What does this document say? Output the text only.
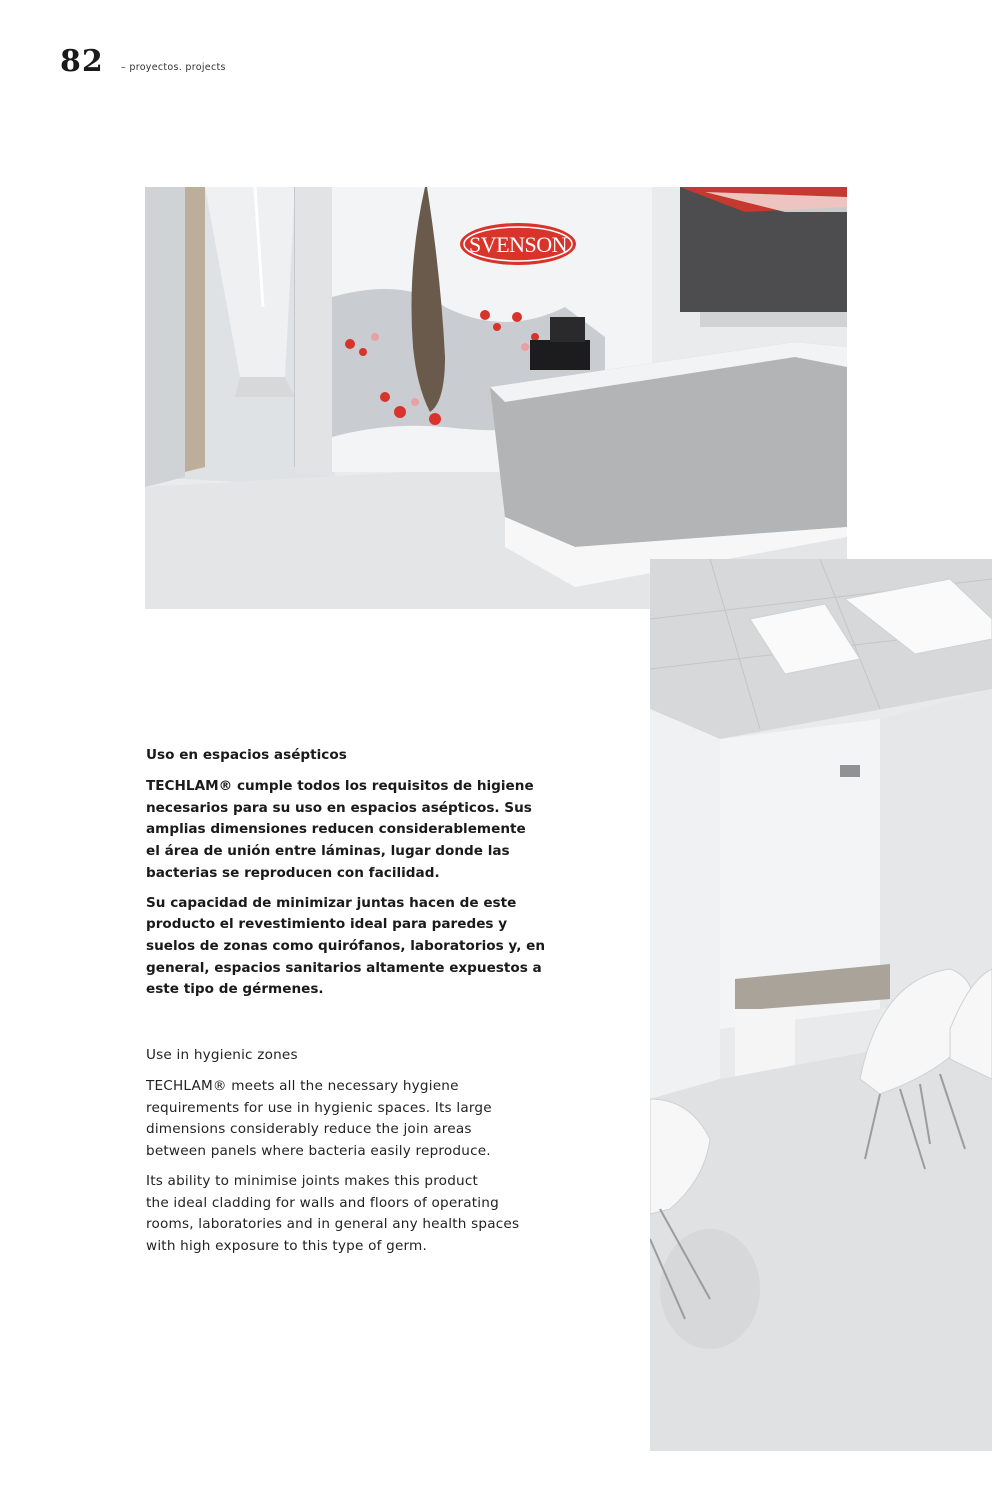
82 – proyectos. projects
SVENSON
Uso en espacios asépticos
TECHLAM® cumple todos los requisitos de higiene
necesarios para su uso en espacios asépticos. Sus
amplias dimensiones reducen considerablemente
el área de unión entre láminas, lugar donde las
bacterias se reproducen con facilidad.
Su capacidad de minimizar juntas hacen de este
producto el revestimiento ideal para paredes y
suelos de zonas como quirófanos, laboratorios y, en
general, espacios sanitarios altamente expuestos a
este tipo de gérmenes.
Use in hygienic zones
TECHLAM® meets all the necessary hygiene
requirements for use in hygienic spaces. Its large
dimensions considerably reduce the join areas
between panels where bacteria easily reproduce.
Its ability to minimise joints makes this product
the ideal cladding for walls and floors of operating
rooms, laboratories and in general any health spaces
with high exposure to this type of germ.
